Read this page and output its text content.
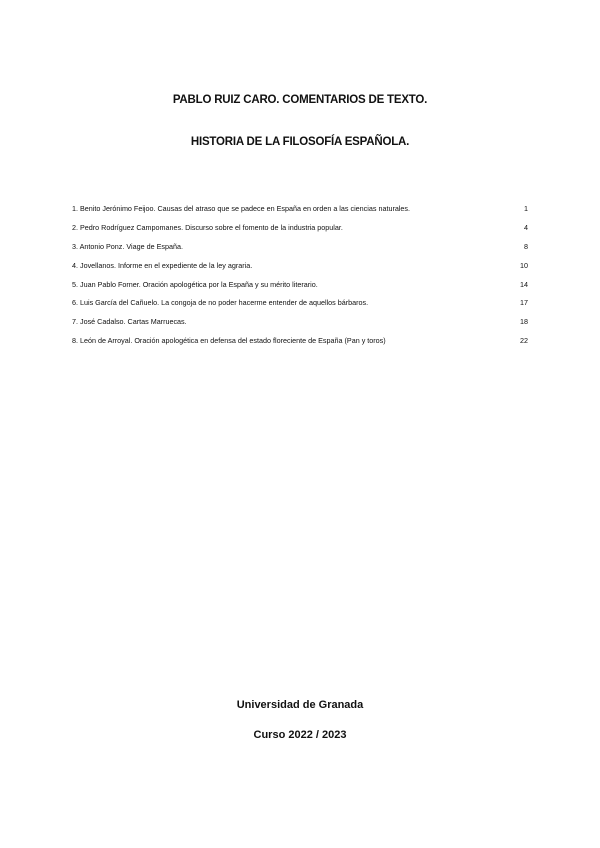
PABLO RUIZ CARO. COMENTARIOS DE TEXTO.
HISTORIA DE LA FILOSOFÍA ESPAÑOLA.
1. Benito Jerónimo Feijoo. Causas del atraso que se padece en España en orden a las ciencias naturales.	1
2. Pedro Rodríguez Campomanes. Discurso sobre el fomento de la industria popular.	4
3. Antonio Ponz. Viage de España.	8
4. Jovellanos. Informe en el expediente de la ley agraria.	10
5. Juan Pablo Forner. Oración apologética por la España y su mérito literario.	14
6. Luis García del Cañuelo. La congoja de no poder hacerme entender de aquellos bárbaros.	17
7. José Cadalso. Cartas Marruecas.	18
8. León de Arroyal. Oración apologética en defensa del estado floreciente de España (Pan y toros)	22
Universidad de Granada
Curso 2022 / 2023
